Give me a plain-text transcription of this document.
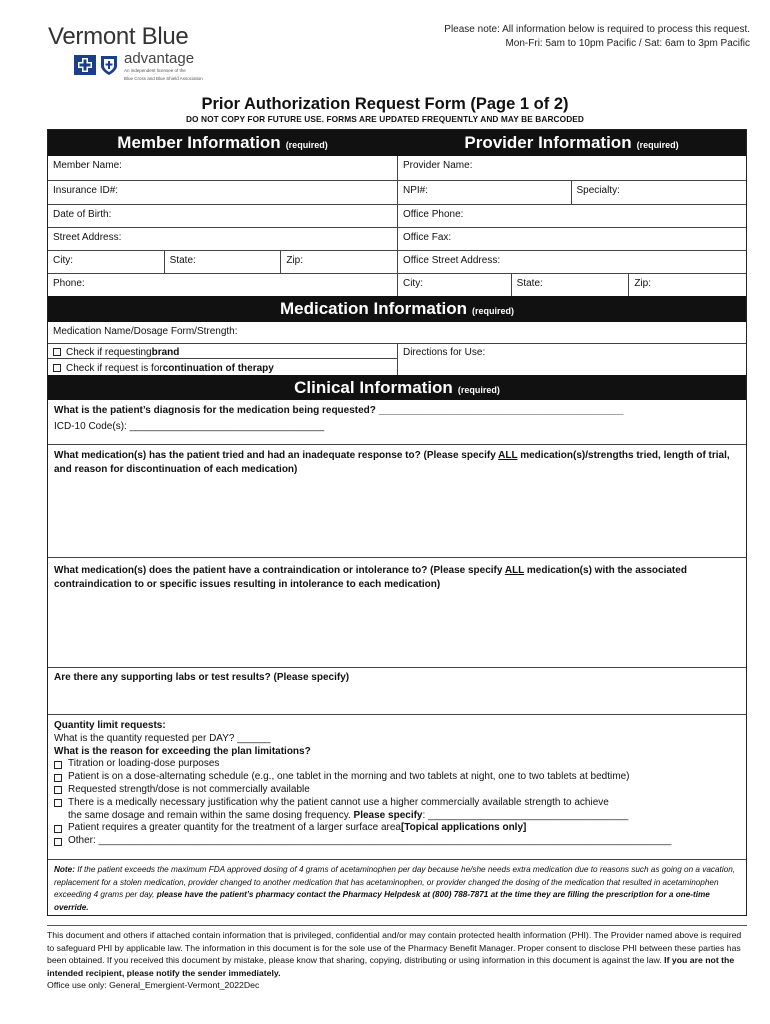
Vermont Blue
advantage
An independent licensee of the
Blue Cross and Blue Shield Association
Please note: All information below is required to process this request.
Mon-Fri: 5am to 10pm Pacific / Sat: 6am to 3pm Pacific
Prior Authorization Request Form (Page 1 of 2)
DO NOT COPY FOR FUTURE USE. FORMS ARE UPDATED FREQUENTLY AND MAY BE BARCODED
Member Information (required)	Provider Information (required)
Member Name:	Provider Name:
Insurance ID#:	NPI#:	Specialty:
Date of Birth:	Office Phone:
Street Address:	Office Fax:
City:	State:	Zip:	Office Street Address:
Phone:	City:	State:	Zip:
Medication Information (required)
Medication Name/Dosage Form/Strength:
Check if requesting brand
Check if request is for continuation of therapy
Directions for Use:
Clinical Information (required)
What is the patient’s diagnosis for the medication being requested? ____________________________________________
ICD-10 Code(s): ___________________________________
What medication(s) has the patient tried and had an inadequate response to? (Please specify ALL medication(s)/strengths tried, length of trial, and reason for discontinuation of each medication)
What medication(s) does the patient have a contraindication or intolerance to? (Please specify ALL medication(s) with the associated contraindication to or specific issues resulting in intolerance to each medication)
Are there any supporting labs or test results? (Please specify)
Quantity limit requests:
What is the quantity requested per DAY? ______
What is the reason for exceeding the plan limitations?
Titration or loading-dose purposes
Patient is on a dose-alternating schedule (e.g., one tablet in the morning and two tablets at night, one to two tablets at bedtime)
Requested strength/dose is not commercially available
There is a medically necessary justification why the patient cannot use a higher commercially available strength to achieve
the same dosage and remain within the same dosing frequency. Please specify: ____________________________________
Patient requires a greater quantity for the treatment of a larger surface area [Topical applications only]
Other: _______________________________________________________________________________________________________
Note: If the patient exceeds the maximum FDA approved dosing of 4 grams of acetaminophen per day because he/she needs extra medication due to reasons such as going on a vacation, replacement for a stolen medication, provider changed to another medication that has acetaminophen, or provider changed the dosing of the medication that resulted in acetaminophen exceeding 4 grams per day, please have the patient’s pharmacy contact the Pharmacy Helpdesk at (800) 788-7871 at the time they are filling the prescription for a one-time override.
This document and others if attached contain information that is privileged, confidential and/or may contain protected health information (PHI). The Provider named above is required to safeguard PHI by applicable law. The information in this document is for the sole use of the Pharmacy Benefit Manager. Proper consent to disclose PHI between these parties has been obtained. If you received this document by mistake, please know that sharing, copying, distributing or using information in this document is against the law. If you are not the intended recipient, please notify the sender immediately.
Office use only: General_Emergient-Vermont_2022Dec
